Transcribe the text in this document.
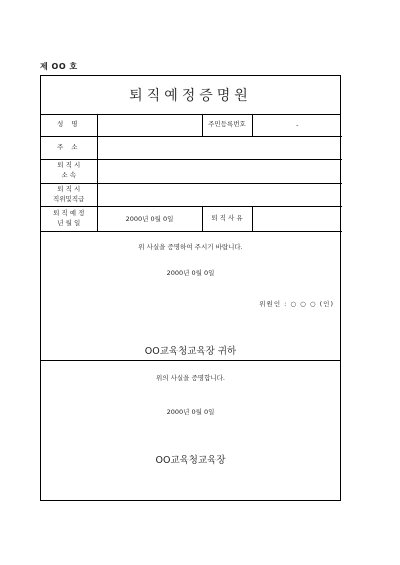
제 OO 호
퇴직예정증명원
성 명		주민등록번호	-
주 소			

퇴 직 시
소 속			

퇴 직 시
직위및직급			

퇴 직 예 정
년 월 일	2000년 0월 0일	퇴 직 사 유	
위 사실을 증명하여 주시기 바랍니다.
2000년 0월 0일
위원인 : ○ ○ ○ (인)
OO교육청교육장 귀하
위의 사실을 증명합니다.
2000년 0월 0일
OO교육청교육장
